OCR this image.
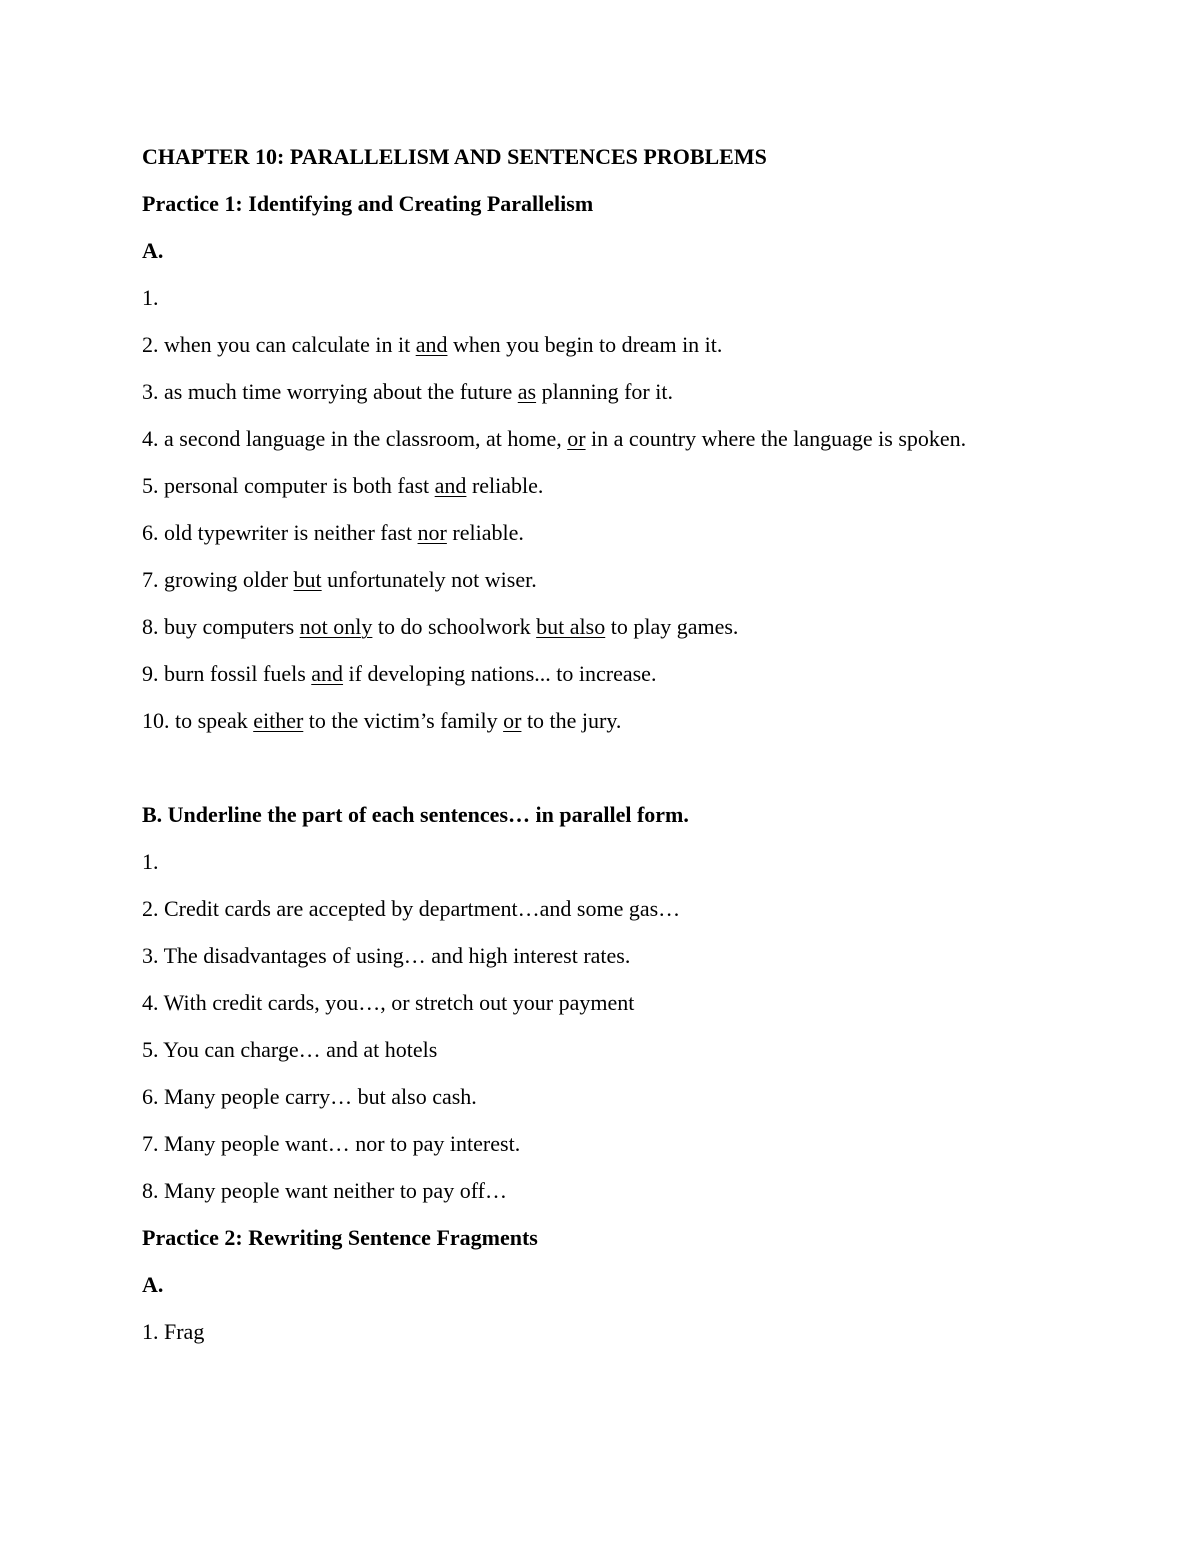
CHAPTER 10: PARALLELISM AND SENTENCES PROBLEMS

Practice 1: Identifying and Creating Parallelism

A.

1.

2. when you can calculate in it and when you begin to dream in it.

3. as much time worrying about the future as planning for it.

4. a second language in the classroom, at home, or in a country where the language is spoken.

5. personal computer is both fast and reliable.

6. old typewriter is neither fast nor reliable.

7. growing older but unfortunately not wiser.

8. buy computers not only to do schoolwork but also to play games.

9. burn fossil fuels and if developing nations... to increase.

10. to speak either to the victim’s family or to the jury.

B. Underline the part of each sentences… in parallel form.

1.

2. Credit cards are accepted by department…and some gas…

3. The disadvantages of using… and high interest rates.

4. With credit cards, you…, or stretch out your payment

5. You can charge… and at hotels

6. Many people carry… but also cash.

7. Many people want… nor to pay interest.

8. Many people want neither to pay off…

Practice 2: Rewriting Sentence Fragments

A.

1. Frag
